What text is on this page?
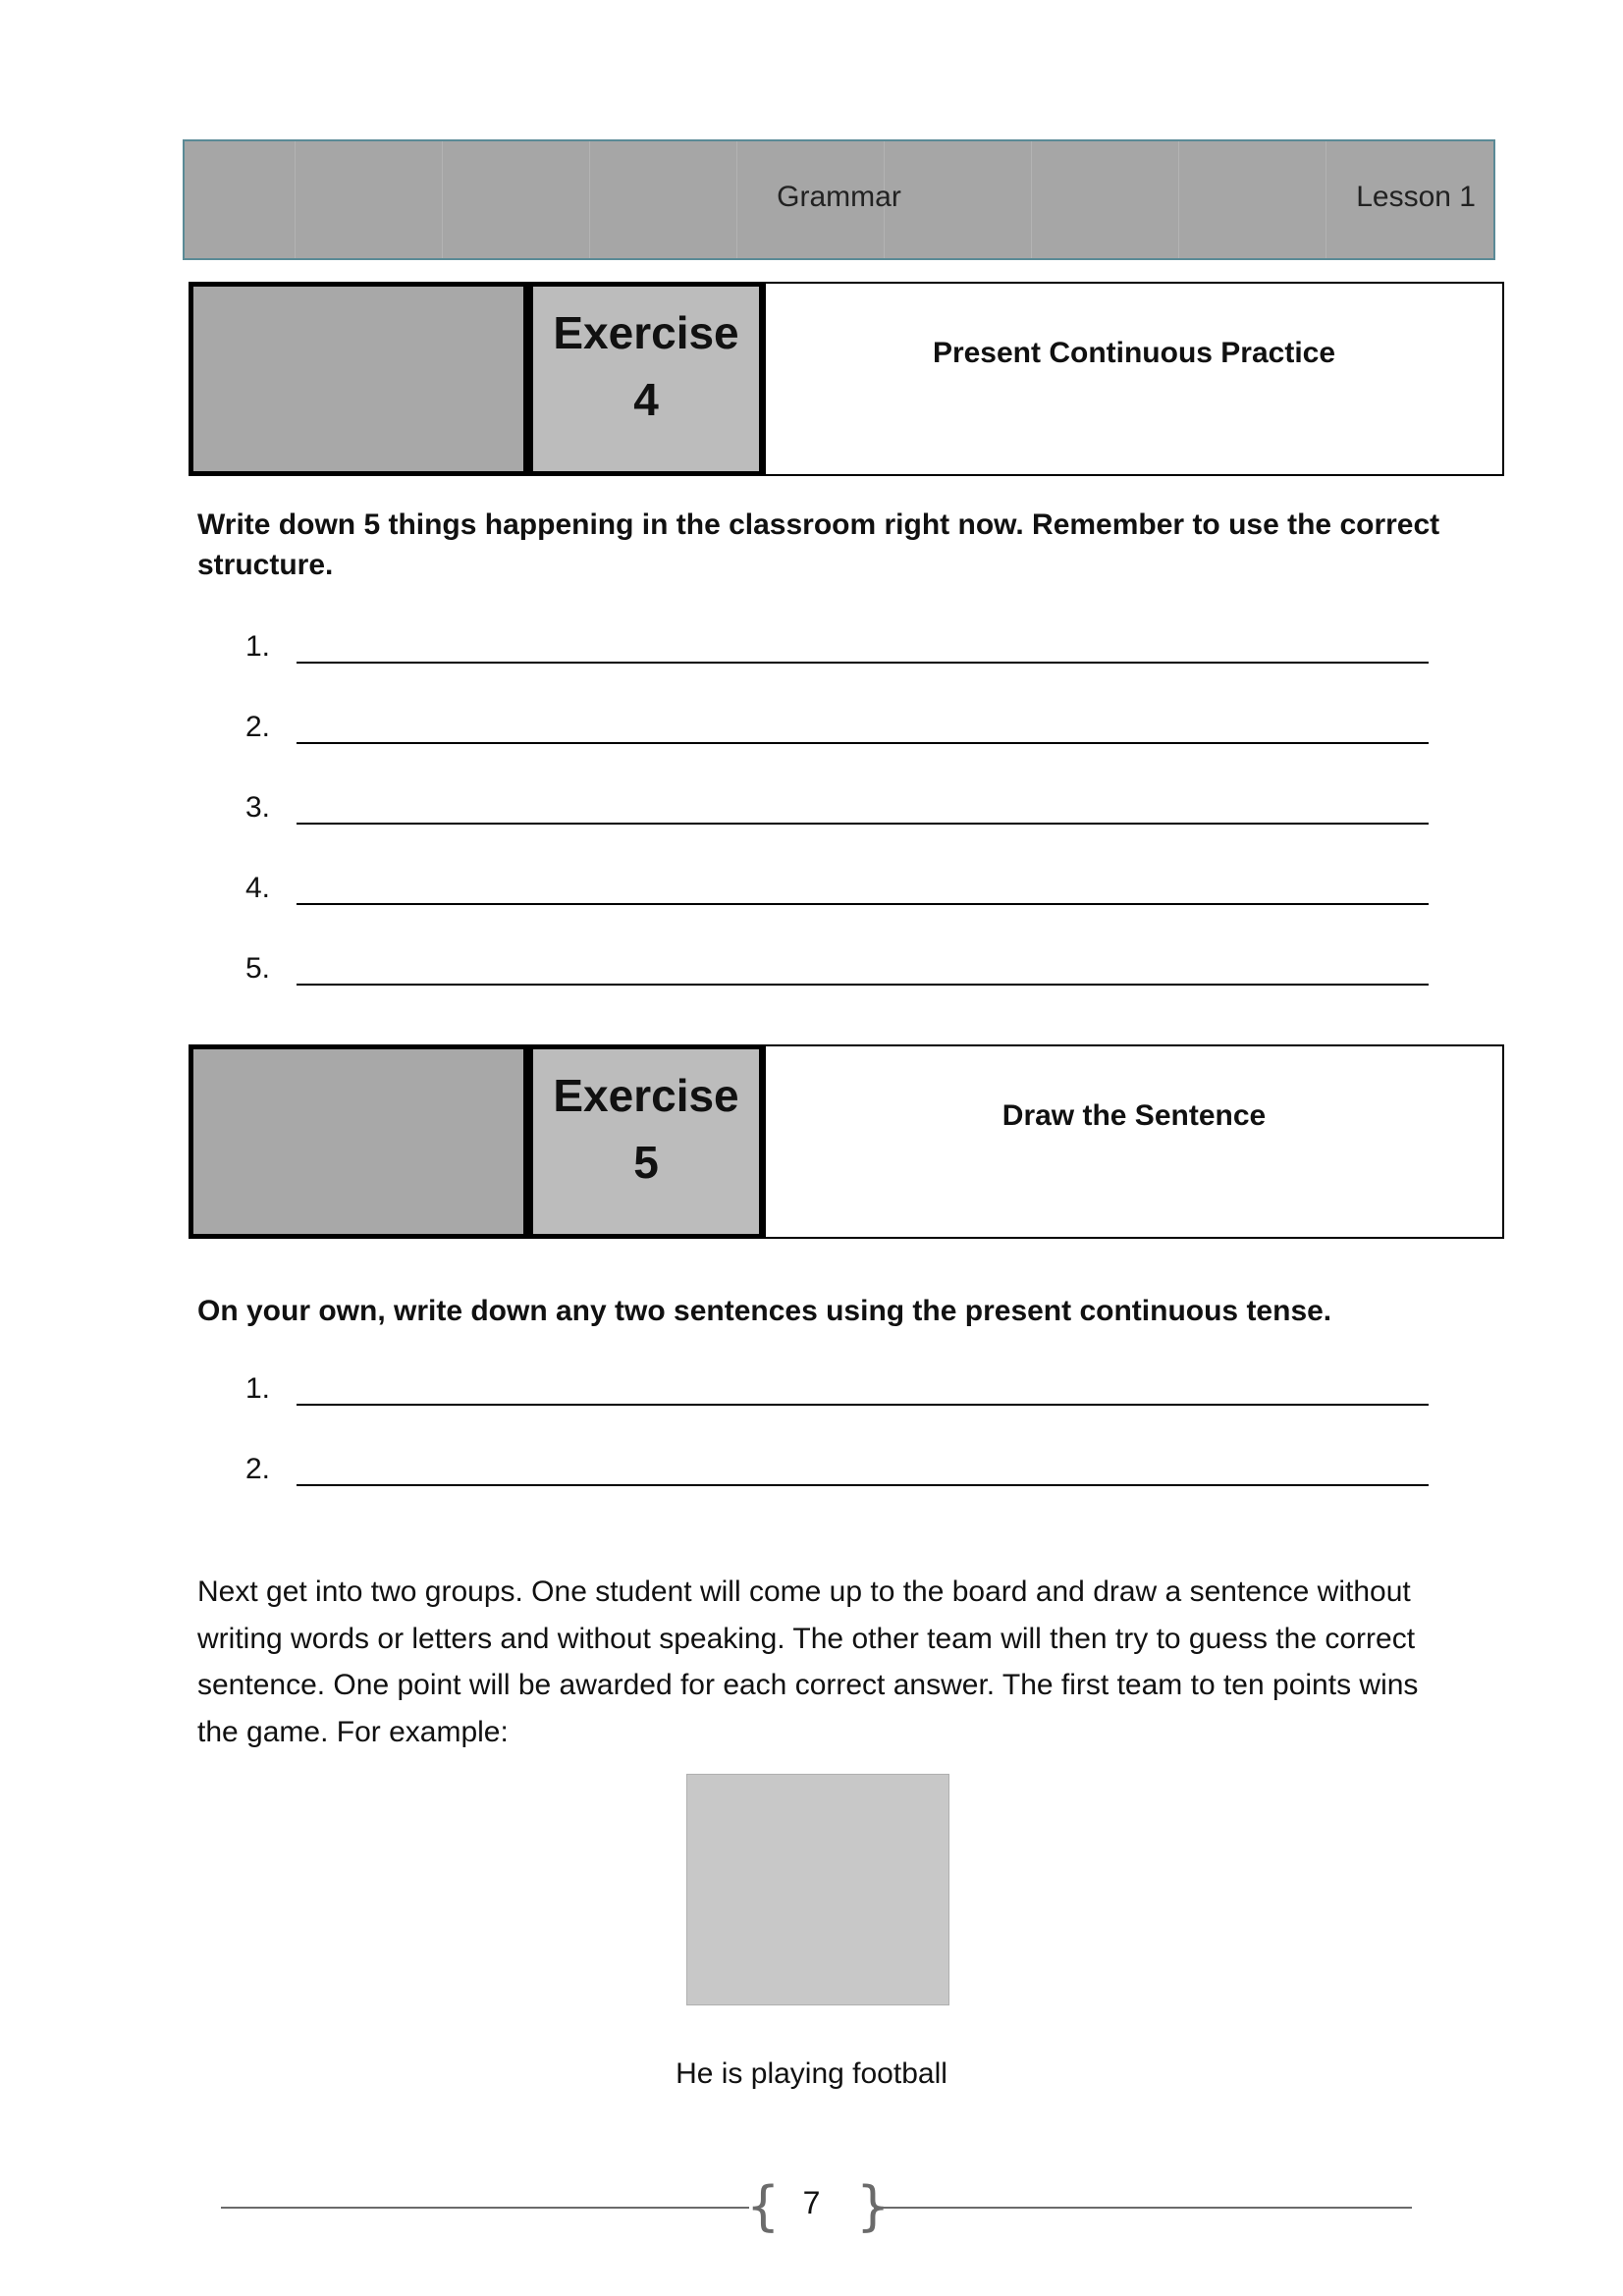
Grammar	Lesson 1
Exercise
4
Present Continuous Practice
Write down 5 things happening in the classroom right now. Remember to use the correct structure.
1.
2.
3.
4.
5.
Exercise
5
Draw the Sentence
On your own, write down any two sentences using the present continuous tense.
1.
2.
Next get into two groups. One student will come up to the board and draw a sentence without writing words or letters and without speaking. The other team will then try to guess the correct sentence. One point will be awarded for each correct answer. The first team to ten points wins the game. For example:
He is playing football
{ }
7
